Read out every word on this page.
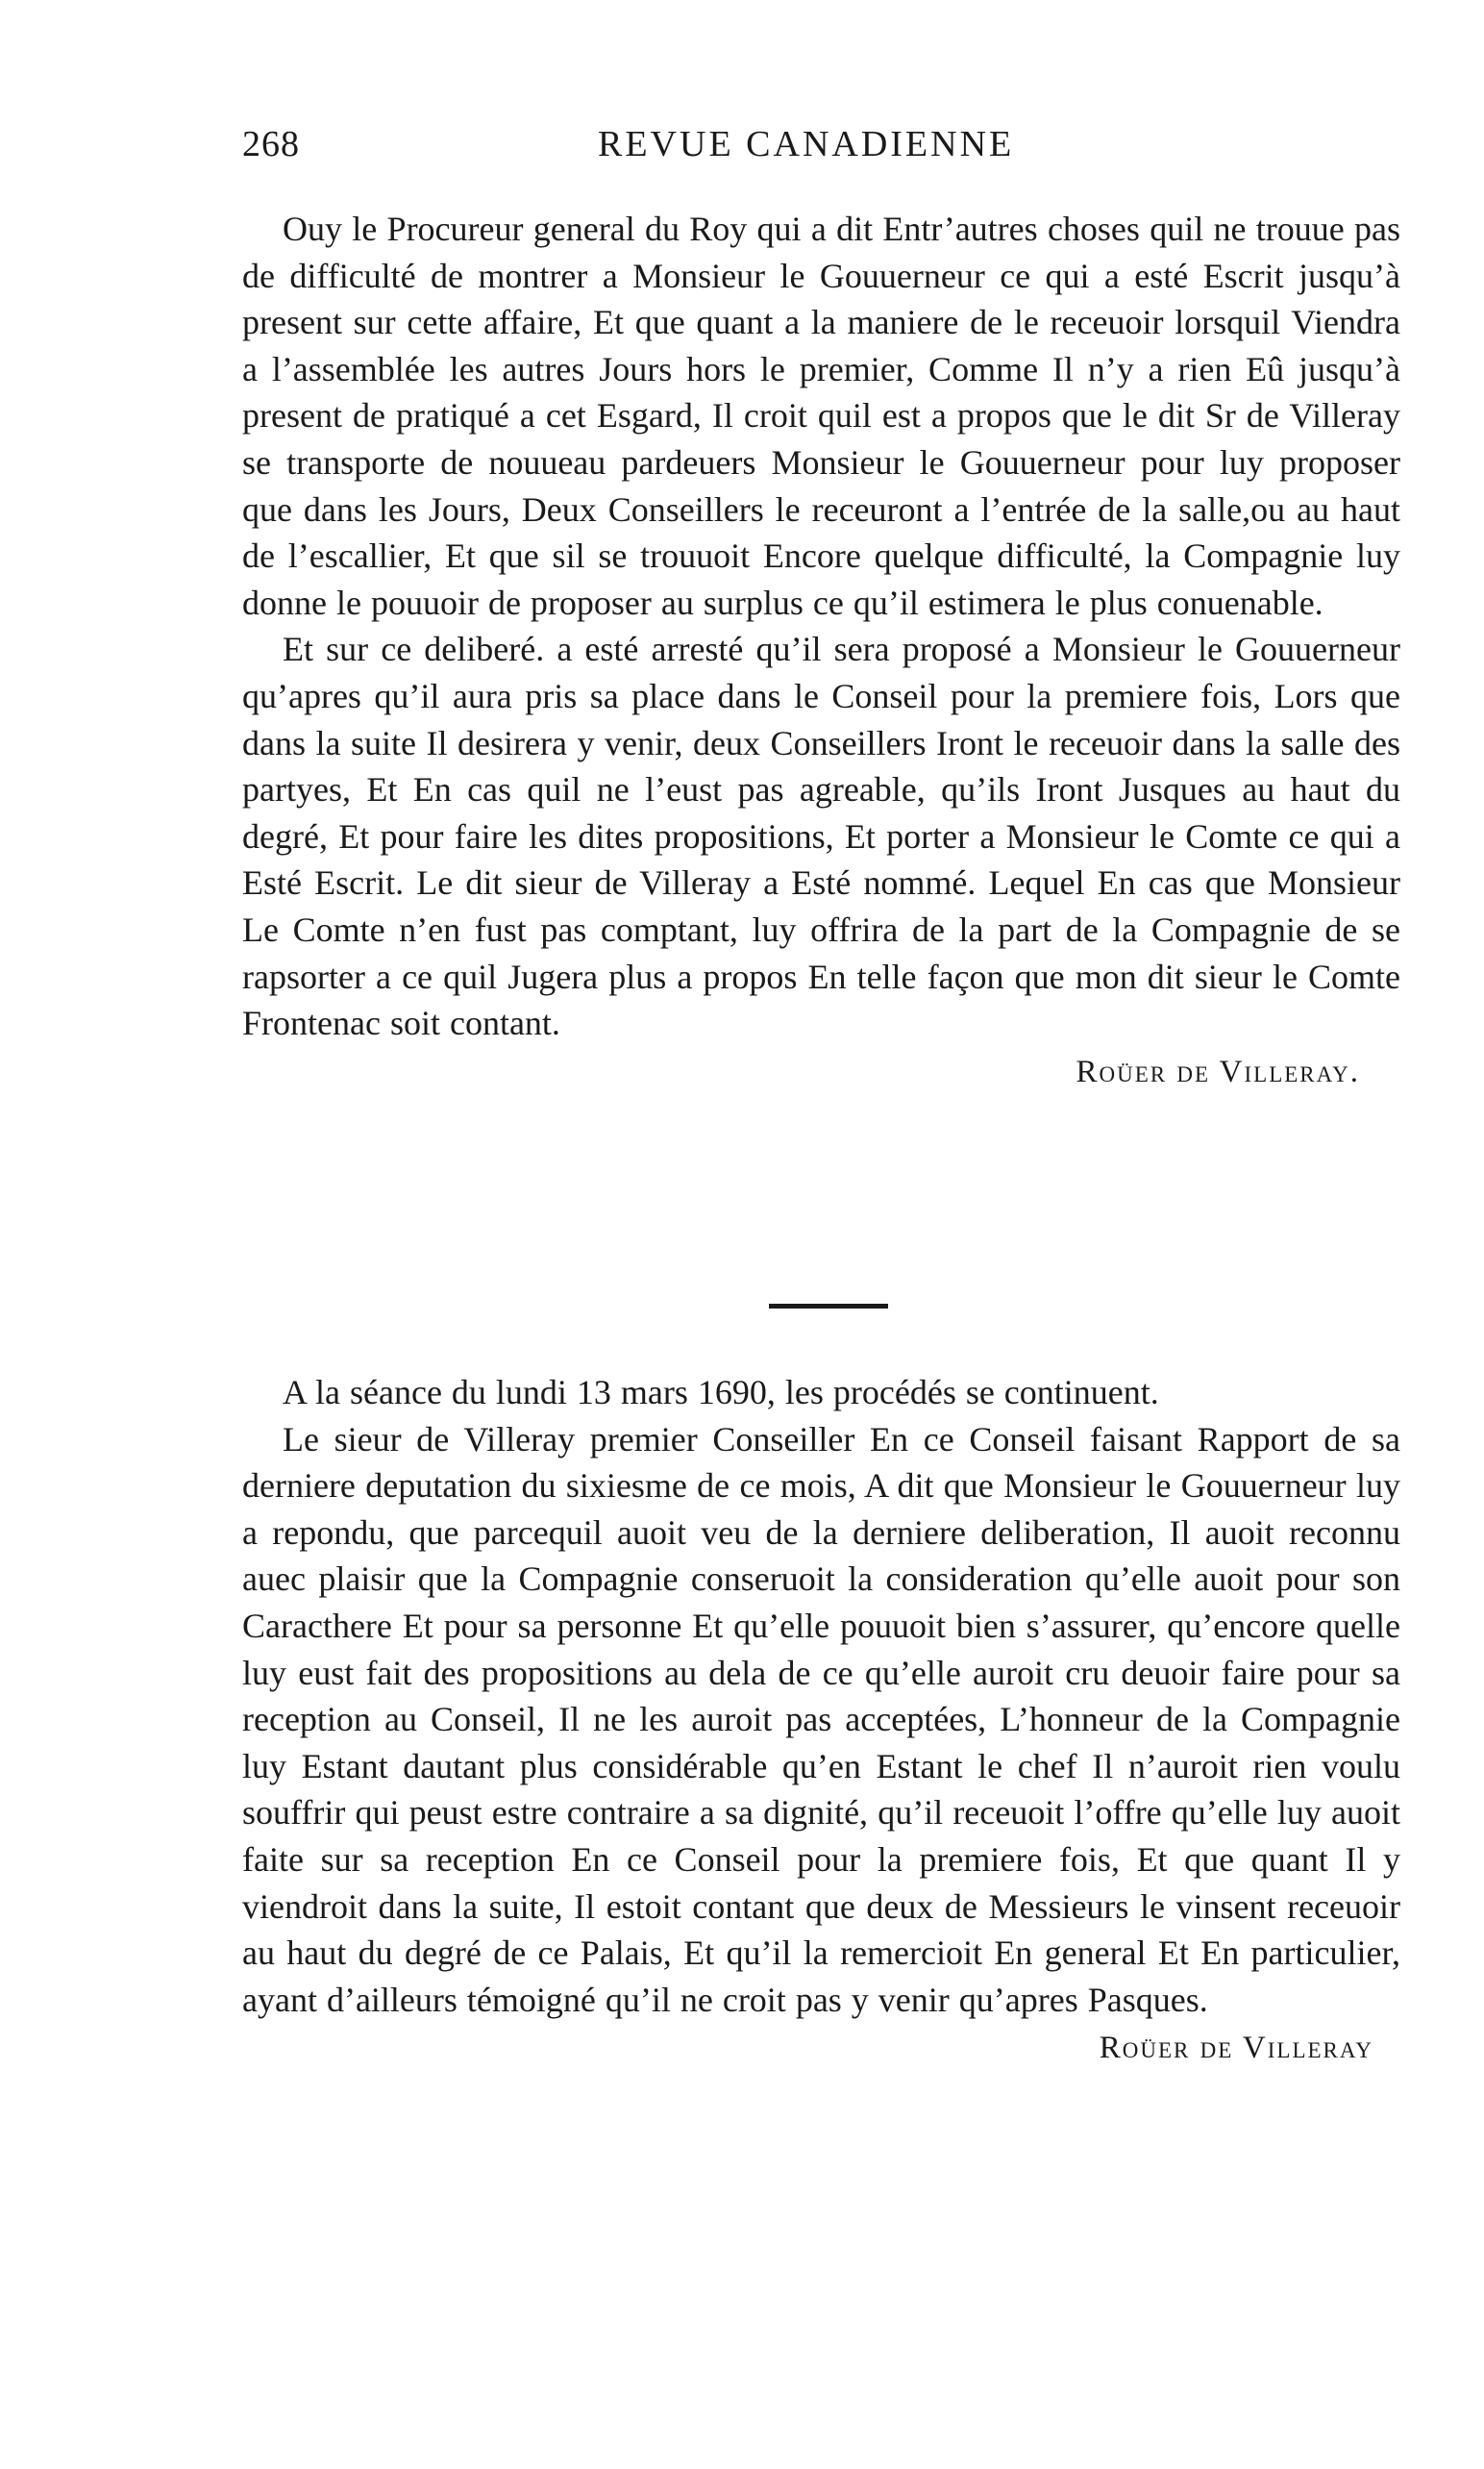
268	REVUE CANADIENNE

Ouy le Procureur general du Roy qui a dit Entr’autres choses quil ne trouue pas de difficulté de montrer a Monsieur le Gouuerneur ce qui a esté Escrit jusqu’à present sur cette affaire, Et que quant a la maniere de le receuoir lorsquil Viendra a l’assemblée les autres Jours hors le premier, Comme Il n’y a rien Eû jusqu’à present de pratiqué a cet Esgard, Il croit quil est a propos que le dit Sr de Villeray se transporte de nouueau pardeuers Monsieur le Gouuerneur pour luy proposer que dans les Jours, Deux Conseillers le receuront a l’entrée de la salle,ou au haut de l’escallier, Et que sil se trouuoit Encore quelque difficulté, la Compagnie luy donne le pouuoir de proposer au surplus ce qu’il estimera le plus conuenable.

Et sur ce deliberé. a esté arresté qu’il sera proposé a Monsieur le Gouuerneur qu’apres qu’il aura pris sa place dans le Conseil pour la premiere fois, Lors que dans la suite Il desirera y venir, deux Conseillers Iront le receuoir dans la salle des partyes, Et En cas quil ne l’eust pas agreable, qu’ils Iront Jusques au haut du degré, Et pour faire les dites propositions, Et porter a Monsieur le Comte ce qui a Esté Escrit. Le dit sieur de Villeray a Esté nommé. Lequel En cas que Monsieur Le Comte n’en fust pas comptant, luy offrira de la part de la Compagnie de se rapsorter a ce quil Jugera plus a propos En telle façon que mon dit sieur le Comte Frontenac soit contant.

Roüer de Villeray.

A la séance du lundi 13 mars 1690, les procédés se continuent.

Le sieur de Villeray premier Conseiller En ce Conseil faisant Rapport de sa derniere deputation du sixiesme de ce mois, A dit que Monsieur le Gouuerneur luy a repondu, que parcequil auoit veu de la derniere deliberation, Il auoit reconnu auec plaisir que la Compagnie conseruoit la consideration qu’elle auoit pour son Caracthere Et pour sa personne Et qu’elle pouuoit bien s’assurer, qu’encore quelle luy eust fait des propositions au dela de ce qu’elle auroit cru deuoir faire pour sa reception au Conseil, Il ne les auroit pas acceptées, L’honneur de la Compagnie luy Estant dautant plus considérable qu’en Estant le chef Il n’auroit rien voulu souffrir qui peust estre contraire a sa dignité, qu’il receuoit l’offre qu’elle luy auoit faite sur sa reception En ce Conseil pour la premiere fois, Et que quant Il y viendroit dans la suite, Il estoit contant que deux de Messieurs le vinsent receuoir au haut du degré de ce Palais, Et qu’il la remercioit En general Et En particulier, ayant d’ailleurs témoigné qu’il ne croit pas y venir qu’apres Pasques.

Roüer de Villeray
